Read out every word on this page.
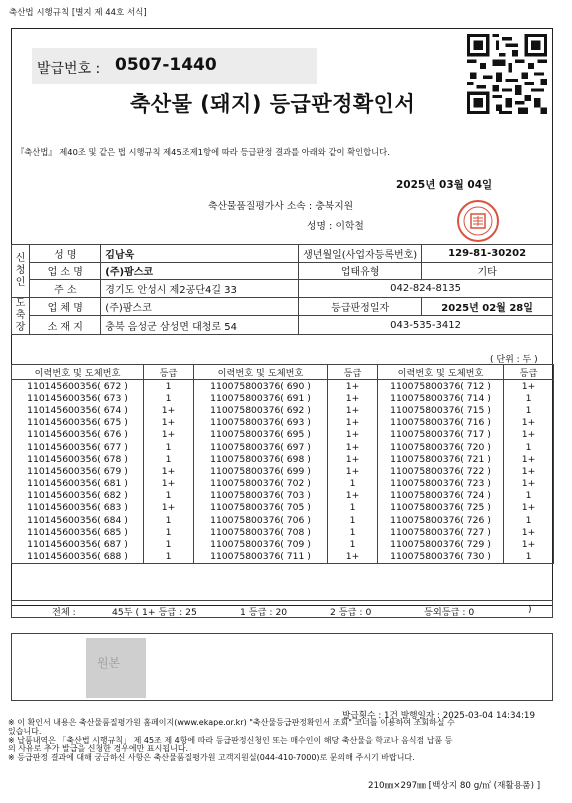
축산법 시행규칙 [별지 제 44호 서식]
발급번호 : 0507-1440
축산물 (돼지) 등급판정확인서
『축산법』 제40조 및 같은 법 시행규칙 제45조제1항에 따라 등급판정 결과를 아래와 같이 확인합니다.
2025년 03월 04일
축산물품질평가사 소속 : 충북지원
성명 : 이학철
신청인	성 명	김남욱	생년월일(사업자등록번호)	129-81-30202
	업 소 명	(주)팜스코	업태유형	기타
	주 소	경기도 안성시 제2공단4길 33	042-824-8135	
도축장	업 체 명	(주)팜스코	등급판정일자	2025년 02월 28일
	소 재 지	충북 음성군 삼성면 대청로 54	043-535-3412	
( 단위 : 두 )
이력번호 및 도체번호	등급	이력번호 및 도체번호	등급	이력번호 및 도체번호	등급
110145600356( 672 )	1	110075800376( 690 )	1+	110075800376( 712 )	1+
110145600356( 673 )	1	110075800376( 691 )	1+	110075800376( 714 )	1
110145600356( 674 )	1+	110075800376( 692 )	1+	110075800376( 715 )	1
110145600356( 675 )	1+	110075800376( 693 )	1+	110075800376( 716 )	1+
110145600356( 676 )	1+	110075800376( 695 )	1+	110075800376( 717 )	1+
110145600356( 677 )	1	110075800376( 697 )	1+	110075800376( 720 )	1
110145600356( 678 )	1	110075800376( 698 )	1+	110075800376( 721 )	1+
110145600356( 679 )	1+	110075800376( 699 )	1+	110075800376( 722 )	1+
110145600356( 681 )	1+	110075800376( 702 )	1	110075800376( 723 )	1+
110145600356( 682 )	1	110075800376( 703 )	1+	110075800376( 724 )	1
110145600356( 683 )	1+	110075800376( 705 )	1	110075800376( 725 )	1+
110145600356( 684 )	1	110075800376( 706 )	1	110075800376( 726 )	1
110145600356( 685 )	1	110075800376( 708 )	1	110075800376( 727 )	1+
110145600356( 687 )	1	110075800376( 709 )	1	110075800376( 729 )	1+
110145600356( 688 )	1	110075800376( 711 )	1+	110075800376( 730 )	1
전체 :	45두 ( 1+ 등급 : 25	1 등급 : 20	2 등급 : 0	등외등급 : 0	)
원본
발급횟수 : 1건 발행일자 : 2025-03-04 14:34:19
※ 이 확인서 내용은 축산물품질평가원 홈페이지(www.ekape.or.kr) "축산물등급판정확인서 조회" 코너를 이용하여 조회하실 수
있습니다.
※ 납품내역은 「축산법 시행규칙」 제 45조 제 4항에 따라 등급판정신청인 또는 매수인이 해당 축산물을 학교나 음식점 납품 등
의 사유로 추가 발급을 신청한 경우에만 표시됩니다.
※ 등급판정 결과에 대해 궁금하신 사항은 축산물품질평가원 고객지원실(044-410-7000)로 문의해 주시기 바랍니다.
210㎜×297㎜ [백상지 80 g/㎡ (재활용품) ]
